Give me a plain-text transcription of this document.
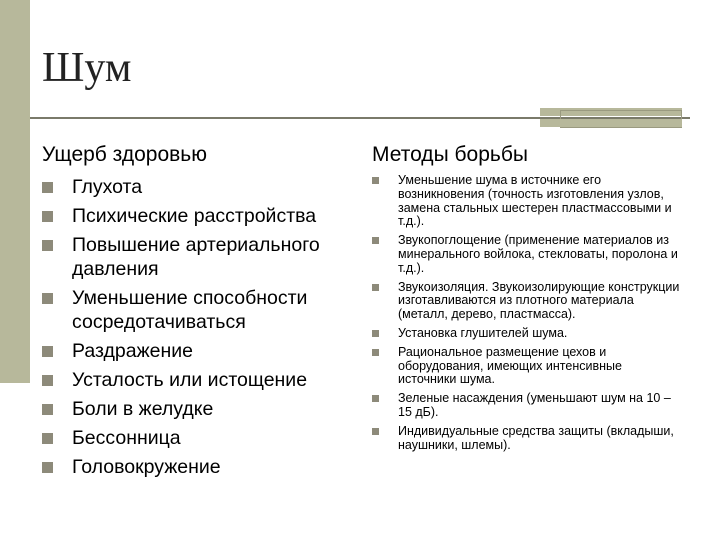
Шум
Ущерб здоровью	Методы борьбы
Глухота
Психические расстройства
Повышение артериального давления
Уменьшение способности сосредотачиваться
Раздражение
Усталость или истощение
Боли в желудке
Бессонница
Головокружение
Уменьшение шума в источнике его возникновения (точность изготовления узлов, замена стальных шестерен пластмассовыми и т.д.).
Звукопоглощение (применение материалов из минерального войлока, стекловаты, поролона и т.д.).
Звукоизоляция. Звукоизолирующие конструкции изготавливаются из плотного материала (металл, дерево, пластмасса).
Установка глушителей шума.
Рациональное размещение цехов и оборудования, имеющих интенсивные источники шума.
Зеленые насаждения (уменьшают шум на 10 – 15 дБ).
Индивидуальные средства защиты (вкладыши, наушники, шлемы).
